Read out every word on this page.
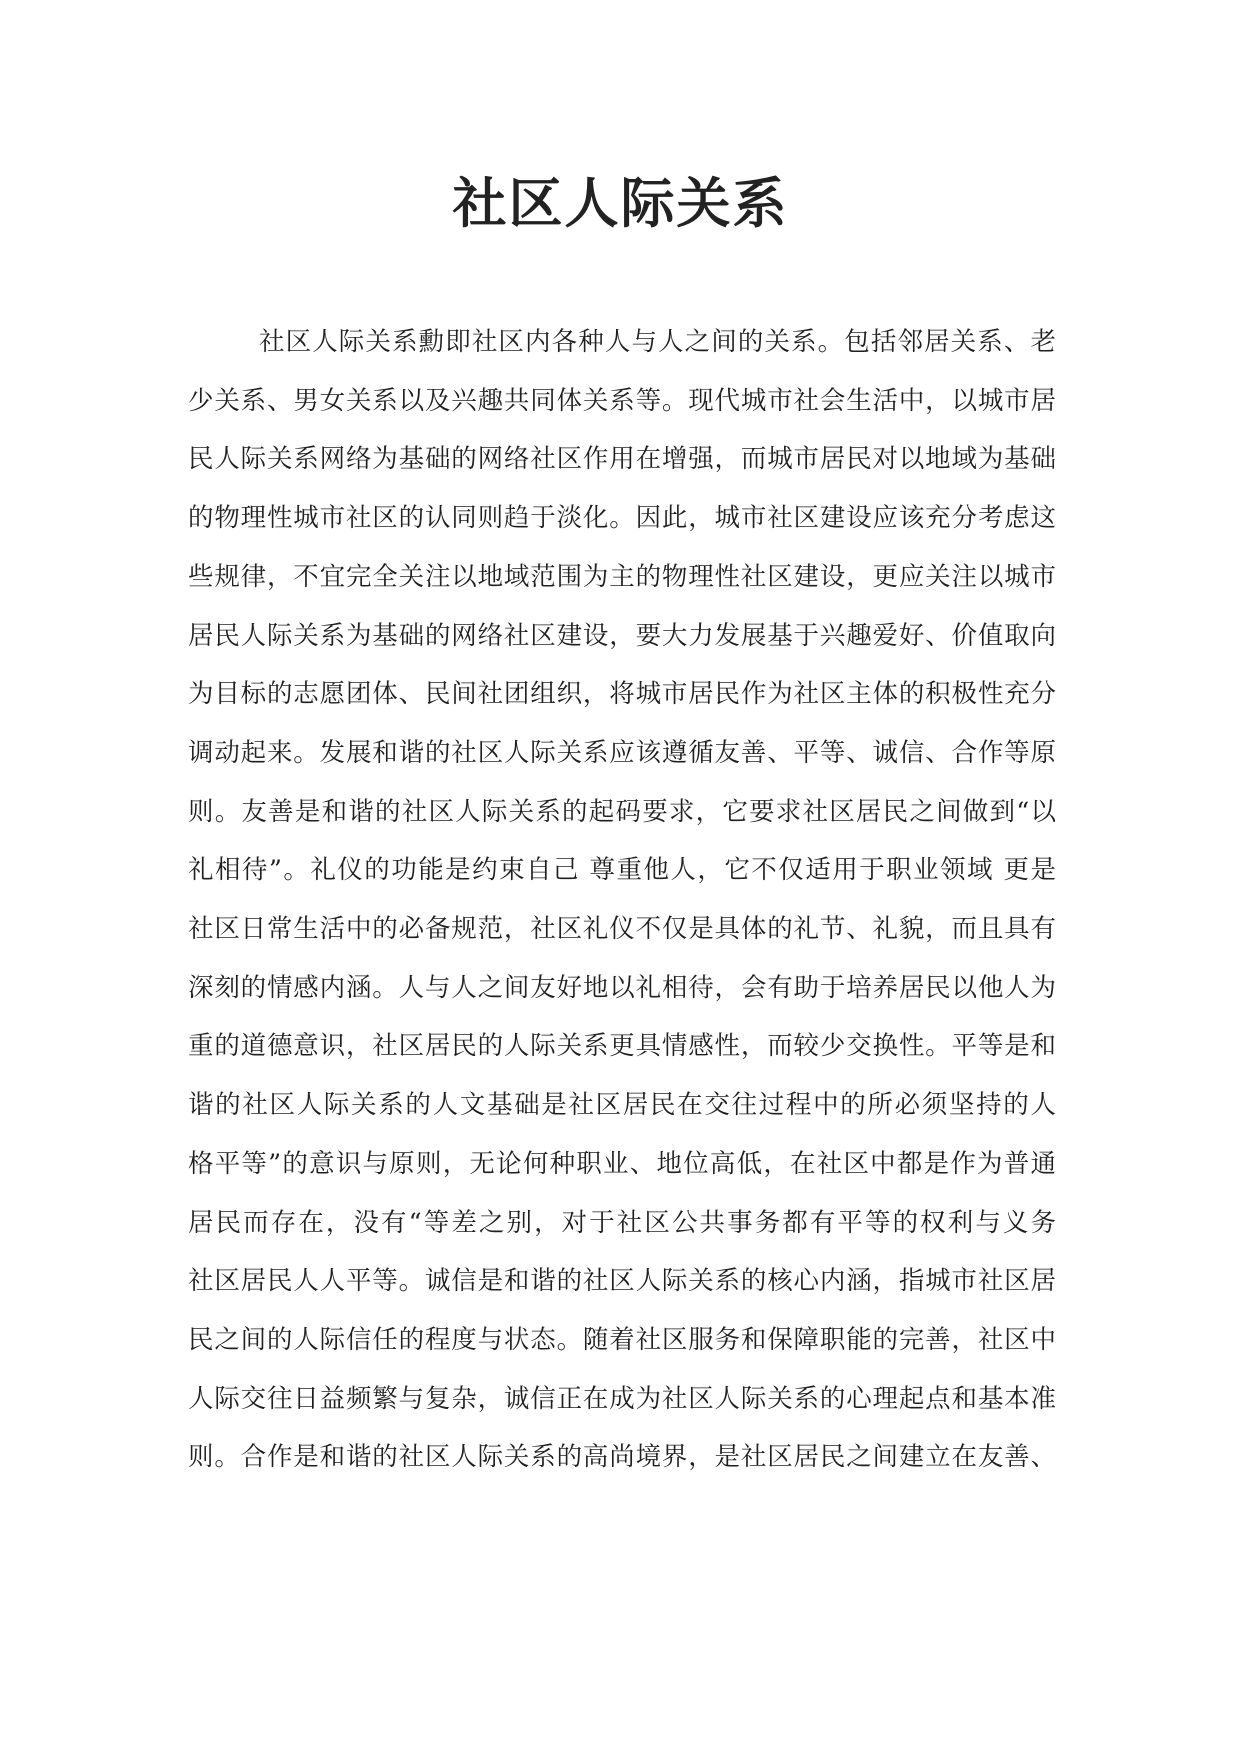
社区人际关系
社区人际关系勳即社区内各种人与人之间的关系。包括邻居关系、老
少关系、男女关系以及兴趣共同体关系等。现代城市社会生活中，以城市居
民人际关系网络为基础的网络社区作用在增强，而城市居民对以地域为基础
的物理性城市社区的认同则趋于淡化。因此，城市社区建设应该充分考虑这
些规律，不宜完全关注以地域范围为主的物理性社区建设，更应关注以城市
居民人际关系为基础的网络社区建设，要大力发展基于兴趣爱好、价值取向
为目标的志愿团体、民间社团组织，将城市居民作为社区主体的积极性充分
调动起来。发展和谐的社区人际关系应该遵循友善、平等、诚信、合作等原
则。友善是和谐的社区人际关系的起码要求，它要求社区居民之间做到“以
礼相待”。礼仪的功能是约束自己 尊重他人，它不仅适用于职业领域 更是
社区日常生活中的必备规范，社区礼仪不仅是具体的礼节、礼貌，而且具有
深刻的情感内涵。人与人之间友好地以礼相待，会有助于培养居民以他人为
重的道德意识，社区居民的人际关系更具情感性，而较少交换性。平等是和
谐的社区人际关系的人文基础是社区居民在交往过程中的所必须坚持的人
格平等”的意识与原则，无论何种职业、地位高低，在社区中都是作为普通
居民而存在，没有“等差之别，对于社区公共事务都有平等的权利与义务
社区居民人人平等。诚信是和谐的社区人际关系的核心内涵，指城市社区居
民之间的人际信任的程度与状态。随着社区服务和保障职能的完善，社区中
人际交往日益频繁与复杂，诚信正在成为社区人际关系的心理起点和基本准
则。合作是和谐的社区人际关系的高尚境界，是社区居民之间建立在友善、
